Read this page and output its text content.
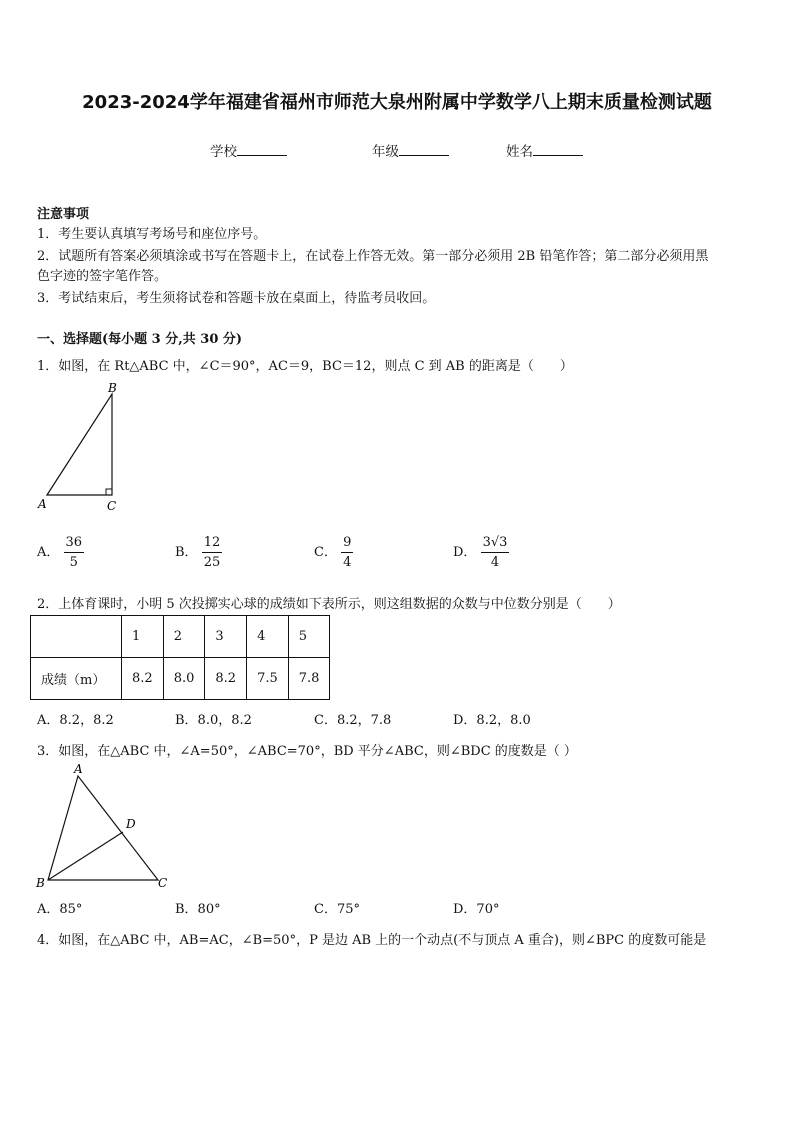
2023-2024学年福建省福州市师范大泉州附属中学数学八上期末质量检测试题
学校	年级	姓名
注意事项
1．考生要认真填写考场号和座位序号。
2．试题所有答案必须填涂或书写在答题卡上，在试卷上作答无效。第一部分必须用 2B 铅笔作答；第二部分必须用黑
色字迹的签字笔作答。
3．考试结束后，考生须将试卷和答题卡放在桌面上，待监考员收回。
一、选择题(每小题 3 分,共 30 分)
1．如图，在 Rt△ABC 中，∠C＝90°，AC＝9，BC＝12，则点 C 到 AB 的距离是（　　）
B
A	C
A． $\frac{36}{5}$	B． $\frac{12}{25}$	C． $\frac{9}{4}$	D． $\frac{3√3}{4}$
2．上体育课时，小明 5 次投掷实心球的成绩如下表所示，则这组数据的众数与中位数分别是（　　）
	1	2	3	4	5
成绩（m）	8.2	8.0	8.2	7.5	7.8
A．8.2，8.2	B．8.0，8.2	C．8.2，7.8	D．8.2，8.0
3．如图，在△ABC 中，∠A=50°，∠ABC=70°，BD 平分∠ABC，则∠BDC 的度数是（ ）
A
D
B	C
A．85°	B．80°	C．75°	D．70°
4．如图，在△ABC 中，AB=AC，∠B=50°，P 是边 AB 上的一个动点(不与顶点 A 重合)，则∠BPC 的度数可能是
